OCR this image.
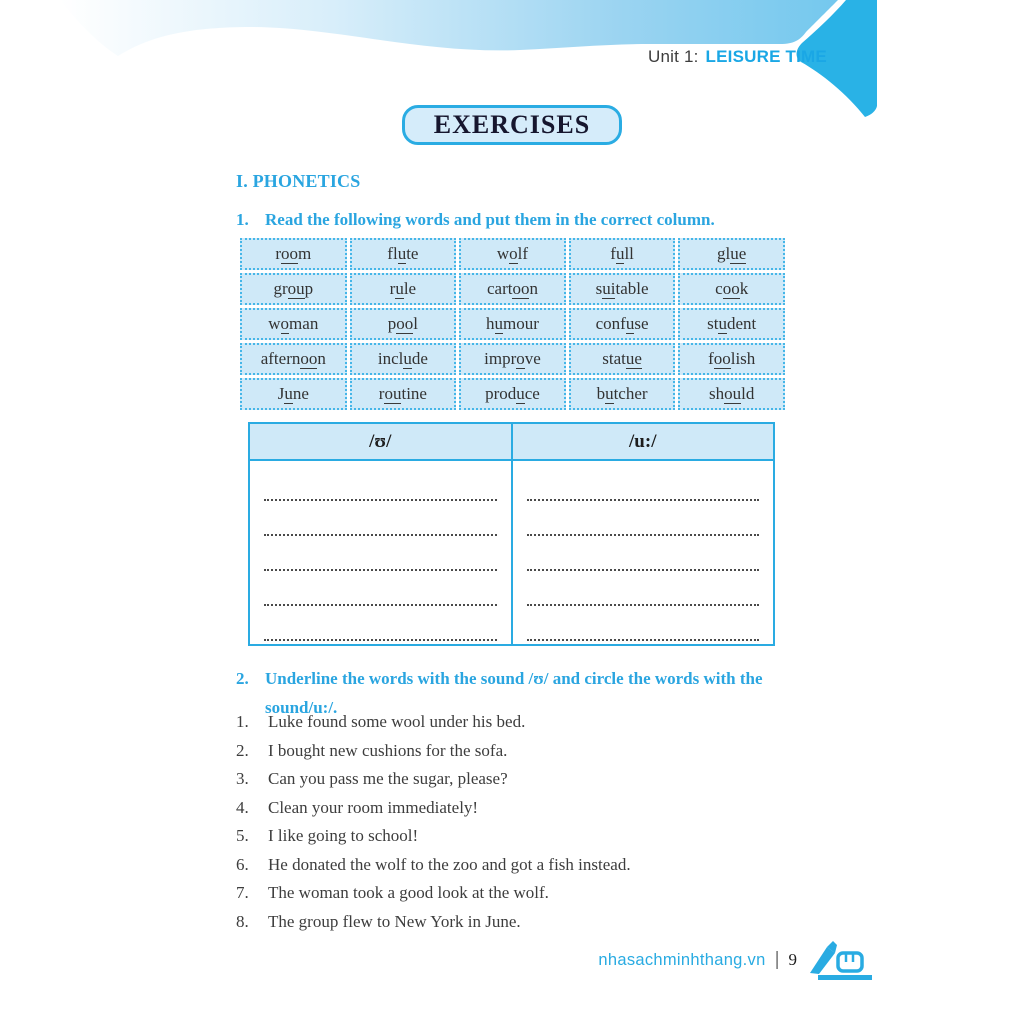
Unit 1: LEISURE TIME
EXERCISES
I. PHONETICS
1. Read the following words and put them in the correct column.
room	flute	wolf	full	glue
group	rule	cartoon	suitable	cook
woman	pool	humour	confuse	student
afternoon	include	improve	statue	foolish
June	routine	produce	butcher	should
/ʊ/	/u:/

2. Underline the words with the sound /ʊ/ and circle the words with the sound/u:/.
1.	Luke found some wool under his bed.
2.	I bought new cushions for the sofa.
3.	Can you pass me the sugar, please?
4.	Clean your room immediately!
5.	I like going to school!
6.	He donated the wolf to the zoo and got a fish instead.
7.	The woman took a good look at the wolf.
8.	The group flew to New York in June.
nhasachminhthang.vn | 9
